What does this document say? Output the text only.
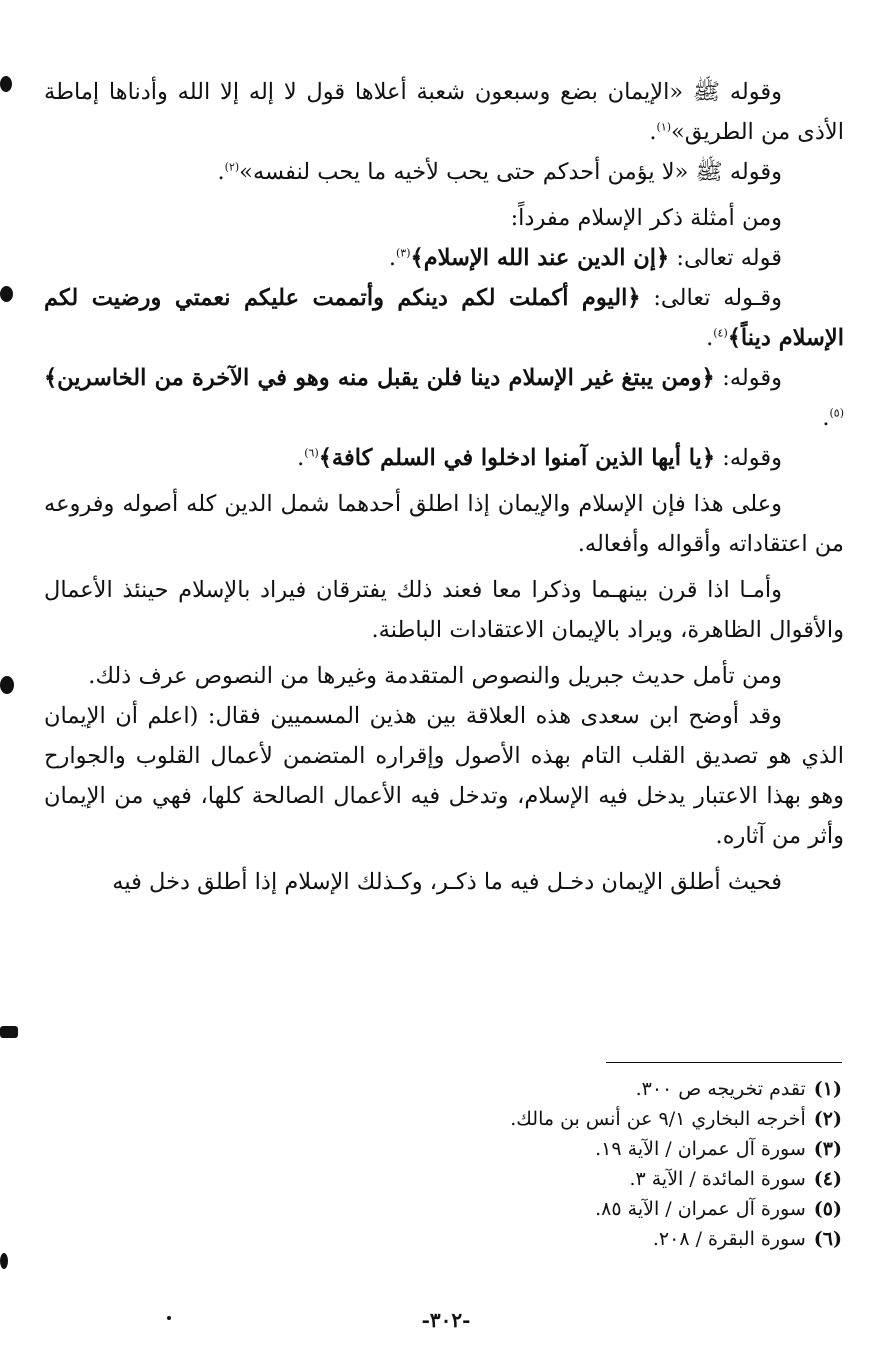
وقوله ﷺ «الإيمان بضع وسبعون شعبة أعلاها قول لا إله إلا الله وأدناها إماطة الأذى من الطريق»$^{(١)}$.

وقوله ﷺ «لا يؤمن أحدكم حتى يحب لأخيه ما يحب لنفسه»$^{(٢)}$.

ومن أمثلة ذكر الإسلام مفرداً:

قوله تعالى: ﴿إن الدين عند الله الإسلام﴾$^{(٣)}$.

وقـوله تعالى: ﴿اليوم أكملت لكم دينكم وأتممت عليكم نعمتي ورضيت لكم الإسلام ديناً﴾$^{(٤)}$.

وقوله: ﴿ومن يبتغ غير الإسلام دينا فلن يقبل منه وهو في الآخرة من الخاسرين﴾$^{(٥)}$.

وقوله: ﴿يا أيها الذين آمنوا ادخلوا في السلم كافة﴾$^{(٦)}$.

وعلى هذا فإن الإسلام والإيمان إذا اطلق أحدهما شمل الدين كله أصوله وفروعه من اعتقاداته وأقواله وأفعاله.

وأمـا اذا قرن بينهـما وذكرا معا فعند ذلك يفترقان فيراد بالإسلام حينئذ الأعمال والأقوال الظاهرة، ويراد بالإيمان الاعتقادات الباطنة.

ومن تأمل حديث جبريل والنصوص المتقدمة وغيرها من النصوص عرف ذلك.

وقد أوضح ابن سعدى هذه العلاقة بين هذين المسميين فقال: (اعلم أن الإيمان الذي هو تصديق القلب التام بهذه الأصول وإقراره المتضمن لأعمال القلوب والجوارح وهو بهذا الاعتبار يدخل فيه الإسلام، وتدخل فيه الأعمال الصالحة كلها، فهي من الإيمان وأثر من آثاره.

فحيث أطلق الإيمان دخـل فيه ما ذكـر، وكـذلك الإسلام إذا أطلق دخل فيه

(١)تقدم تخريجه ص ٣٠٠.
(٢)أخرجه البخاري ٩/١ عن أنس بن مالك.
(٣)سورة آل عمران / الآية ١٩.
(٤)سورة المائدة / الآية ٣.
(٥)سورة آل عمران / الآية ٨٥.
(٦)سورة البقرة / ٢٠٨.
-٣٠٢-
